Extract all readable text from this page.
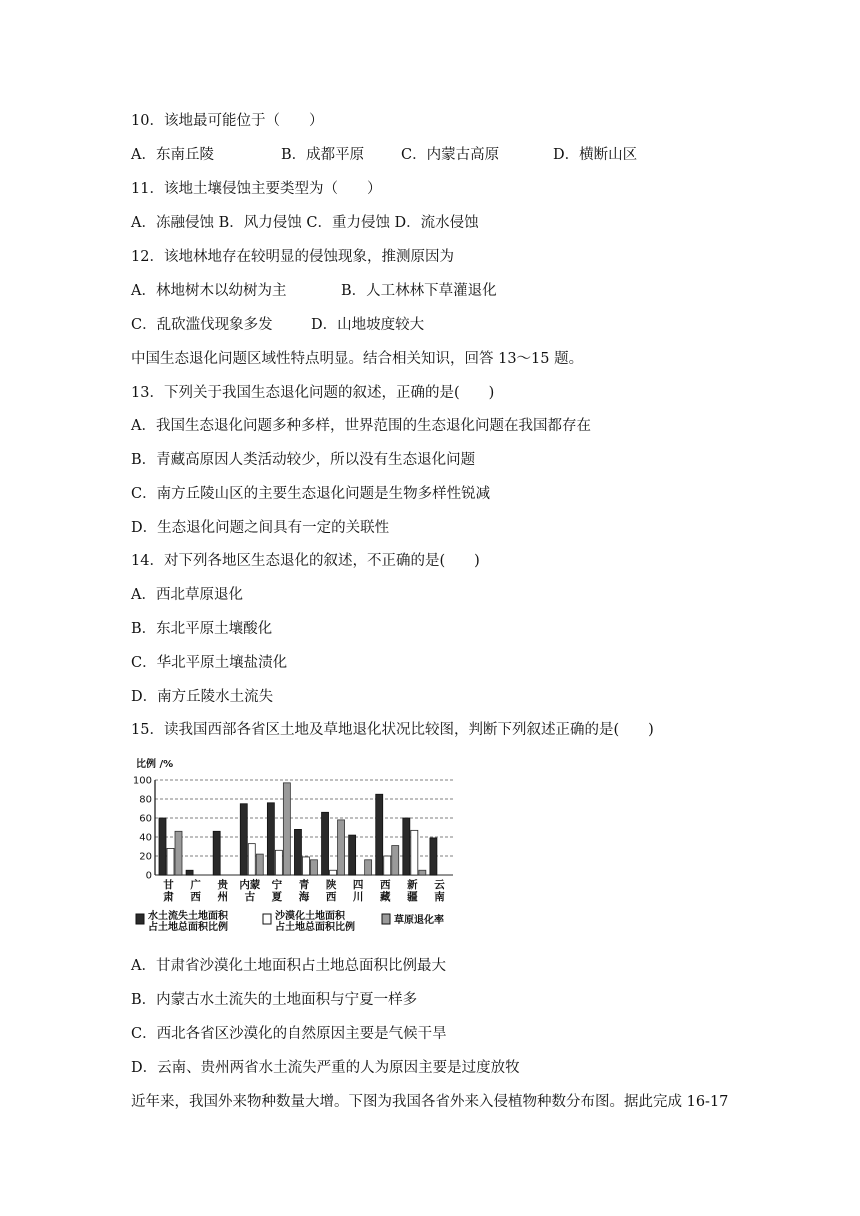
10．该地最可能位于（　　）
A．东南丘陵	B．成都平原	C．内蒙古高原	D．横断山区
11．该地土壤侵蚀主要类型为（　　）
A．冻融侵蚀 B．风力侵蚀 C．重力侵蚀 D．流水侵蚀
12．该地林地存在较明显的侵蚀现象，推测原因为
A．林地树木以幼树为主	B．人工林林下草灌退化
C．乱砍滥伐现象多发	D．山地坡度较大
中国生态退化问题区域性特点明显。结合相关知识，回答 13～15 题。
13．下列关于我国生态退化问题的叙述，正确的是(　　)
A．我国生态退化问题多种多样，世界范围的生态退化问题在我国都存在
B．青藏高原因人类活动较少，所以没有生态退化问题
C．南方丘陵山区的主要生态退化问题是生物多样性锐减
D．生态退化问题之间具有一定的关联性
14．对下列各地区生态退化的叙述，不正确的是(　　)
A．西北草原退化
B．东北平原土壤酸化
C．华北平原土壤盐渍化
D．南方丘陵水土流失
15．读我国西部各省区土地及草地退化状况比较图，判断下列叙述正确的是(　　)
比例 /%
0
20
40
60
80
100
甘
肃
广
西
贵
州
内蒙
古
宁
夏
青
海
陕
西
四
川
西
藏
新
疆
云
南
水土流失土地面积
占土地总面积比例
沙漠化土地面积
占土地总面积比例
草原退化率
A．甘肃省沙漠化土地面积占土地总面积比例最大
B．内蒙古水土流失的土地面积与宁夏一样多
C．西北各省区沙漠化的自然原因主要是气候干旱
D．云南、贵州两省水土流失严重的人为原因主要是过度放牧
近年来，我国外来物种数量大增。下图为我国各省外来入侵植物种数分布图。据此完成 16-17
